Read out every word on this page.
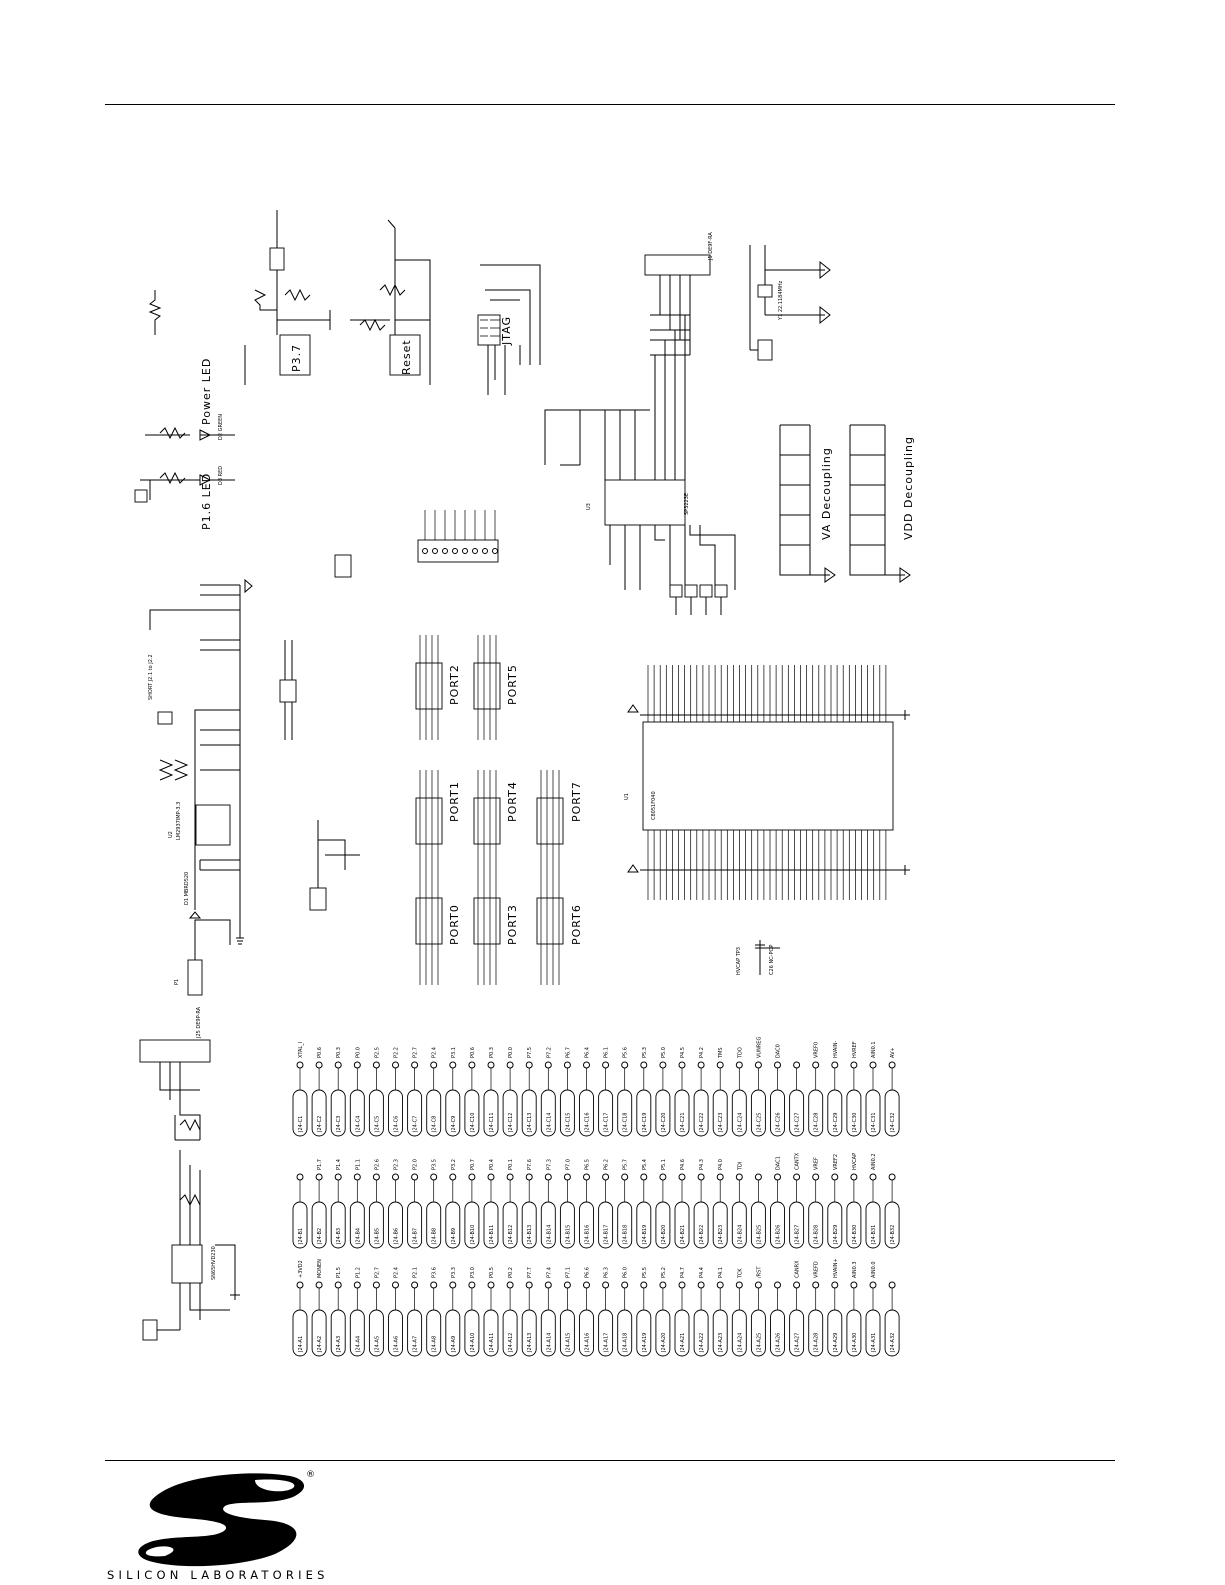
P1
D1 MBRD520
LM2937IMP-3.3
U2
SHORT J2.1 to J2.2
P1.6 LED
Power LED
D2 GREEN
D3 RED
P3.7	Reset
JTAG
U3	SP3223E
J5 DE9F-RA
Y1 22.1184MHz
VA Decoupling	VDD Decoupling
PORT0
PORT1
PORT2
PORT3
PORT4
PORT5
PORT6
PORT7	U1	C8051F040
HVCAP TP3	C26 NC-POP
J25 DE9P-RA
SN65HVD230
J24-C1
XTAL_I
J24-C2
P0.6
J24-C3
P0.3
J24-C4
P0.0
J24-C5
P2.5
J24-C6
P2.2
J24-C7
P2.7
J24-C8
P2.4
J24-C9
P3.1
J24-C10
P0.6
J24-C11
P0.3
J24-C12
P0.0
J24-C13
P7.5
J24-C14
P7.2
J24-C15
P6.7
J24-C16
P6.4
J24-C17
P6.1
J24-C18
P5.6
J24-C19
P5.3
J24-C20
P5.0
J24-C21
P4.5
J24-C22
P4.2
J24-C23
TMS
J24-C24
TDO
J24-C25
VUNREG
J24-C26
DAC0
J24-C27	J24-C28
VREF0
J24-C29
HVAIN-
J24-C30
HVREF
J24-C31
AIN0.1
J24-C32
AV+
J24-B1	J24-B2
P1.7
J24-B3
P1.4
J24-B4
P1.1
J24-B5
P2.6
J24-B6
P2.3
J24-B7
P2.0
J24-B8
P3.5
J24-B9
P3.2
J24-B10
P0.7
J24-B11
P0.4
J24-B12
P0.1
J24-B13
P7.6
J24-B14
P7.3
J24-B15
P7.0
J24-B16
P6.5
J24-B17
P6.2
J24-B18
P5.7
J24-B19
P5.4
J24-B20
P5.1
J24-B21
P4.6
J24-B22
P4.3
J24-B23
P4.0
J24-B24
TDI
J24-B25	J24-B26
DAC1
J24-B27
CANTX
J24-B28
VREF
J24-B29
VREF2
J24-B30
HVCAP
J24-B31
AIN0.2
J24-B32
J24-A1
+3VD2
J24-A2
MONEN
J24-A3
P1.5
J24-A4
P1.2
J24-A5
P2.7
J24-A6
P2.4
J24-A7
P2.1
J24-A8
P3.6
J24-A9
P3.3
J24-A10
P3.0
J24-A11
P0.5
J24-A12
P0.2
J24-A13
P7.7
J24-A14
P7.4
J24-A15
P7.1
J24-A16
P6.6
J24-A17
P6.3
J24-A18
P6.0
J24-A19
P5.5
J24-A20
P5.2
J24-A21
P4.7
J24-A22
P4.4
J24-A23
P4.1
J24-A24
TCK
J24-A25
/RST
J24-A26	J24-A27
CANRX
J24-A28
VREFD
J24-A29
HVAIN+
J24-A30
AIN0.3
J24-A31
AIN0.0
J24-A32
®
SILICON LABORATORIES
